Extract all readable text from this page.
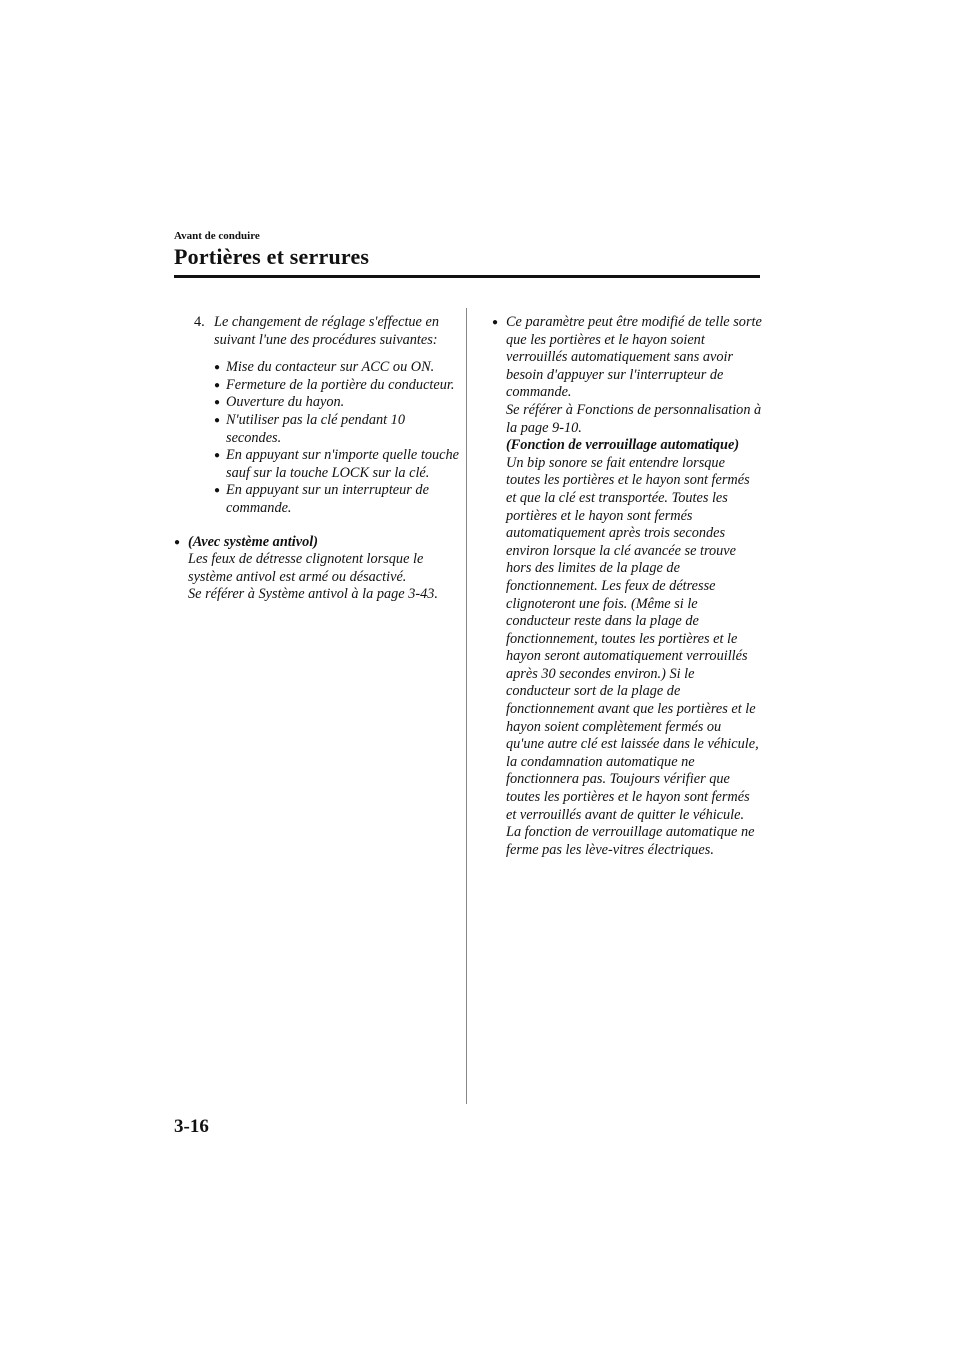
Avant de conduire
Portières et serrures
4. Le changement de réglage s'effectue en suivant l'une des procédures suivantes:
● Mise du contacteur sur ACC ou ON.
● Fermeture de la portière du conducteur.
● Ouverture du hayon.
● N'utiliser pas la clé pendant 10 secondes.
● En appuyant sur n'importe quelle touche sauf sur la touche LOCK sur la clé.
● En appuyant sur un interrupteur de commande.
● (Avec système antivol)
Les feux de détresse clignotent lorsque le système antivol est armé ou désactivé.
Se référer à Système antivol à la page 3-43.
● Ce paramètre peut être modifié de telle sorte que les portières et le hayon soient verrouillés automatiquement sans avoir besoin d'appuyer sur l'interrupteur de commande.
Se référer à Fonctions de personnalisation à la page 9-10.
(Fonction de verrouillage automatique)
Un bip sonore se fait entendre lorsque toutes les portières et le hayon sont fermés et que la clé est transportée. Toutes les portières et le hayon sont fermés automatiquement après trois secondes environ lorsque la clé avancée se trouve hors des limites de la plage de fonctionnement. Les feux de détresse clignoteront une fois. (Même si le conducteur reste dans la plage de fonctionnement, toutes les portières et le hayon seront automatiquement verrouillés après 30 secondes environ.) Si le conducteur sort de la plage de fonctionnement avant que les portières et le hayon soient complètement fermés ou qu'une autre clé est laissée dans le véhicule, la condamnation automatique ne fonctionnera pas. Toujours vérifier que toutes les portières et le hayon sont fermés et verrouillés avant de quitter le véhicule. La fonction de verrouillage automatique ne ferme pas les lève-vitres électriques.
3-16
